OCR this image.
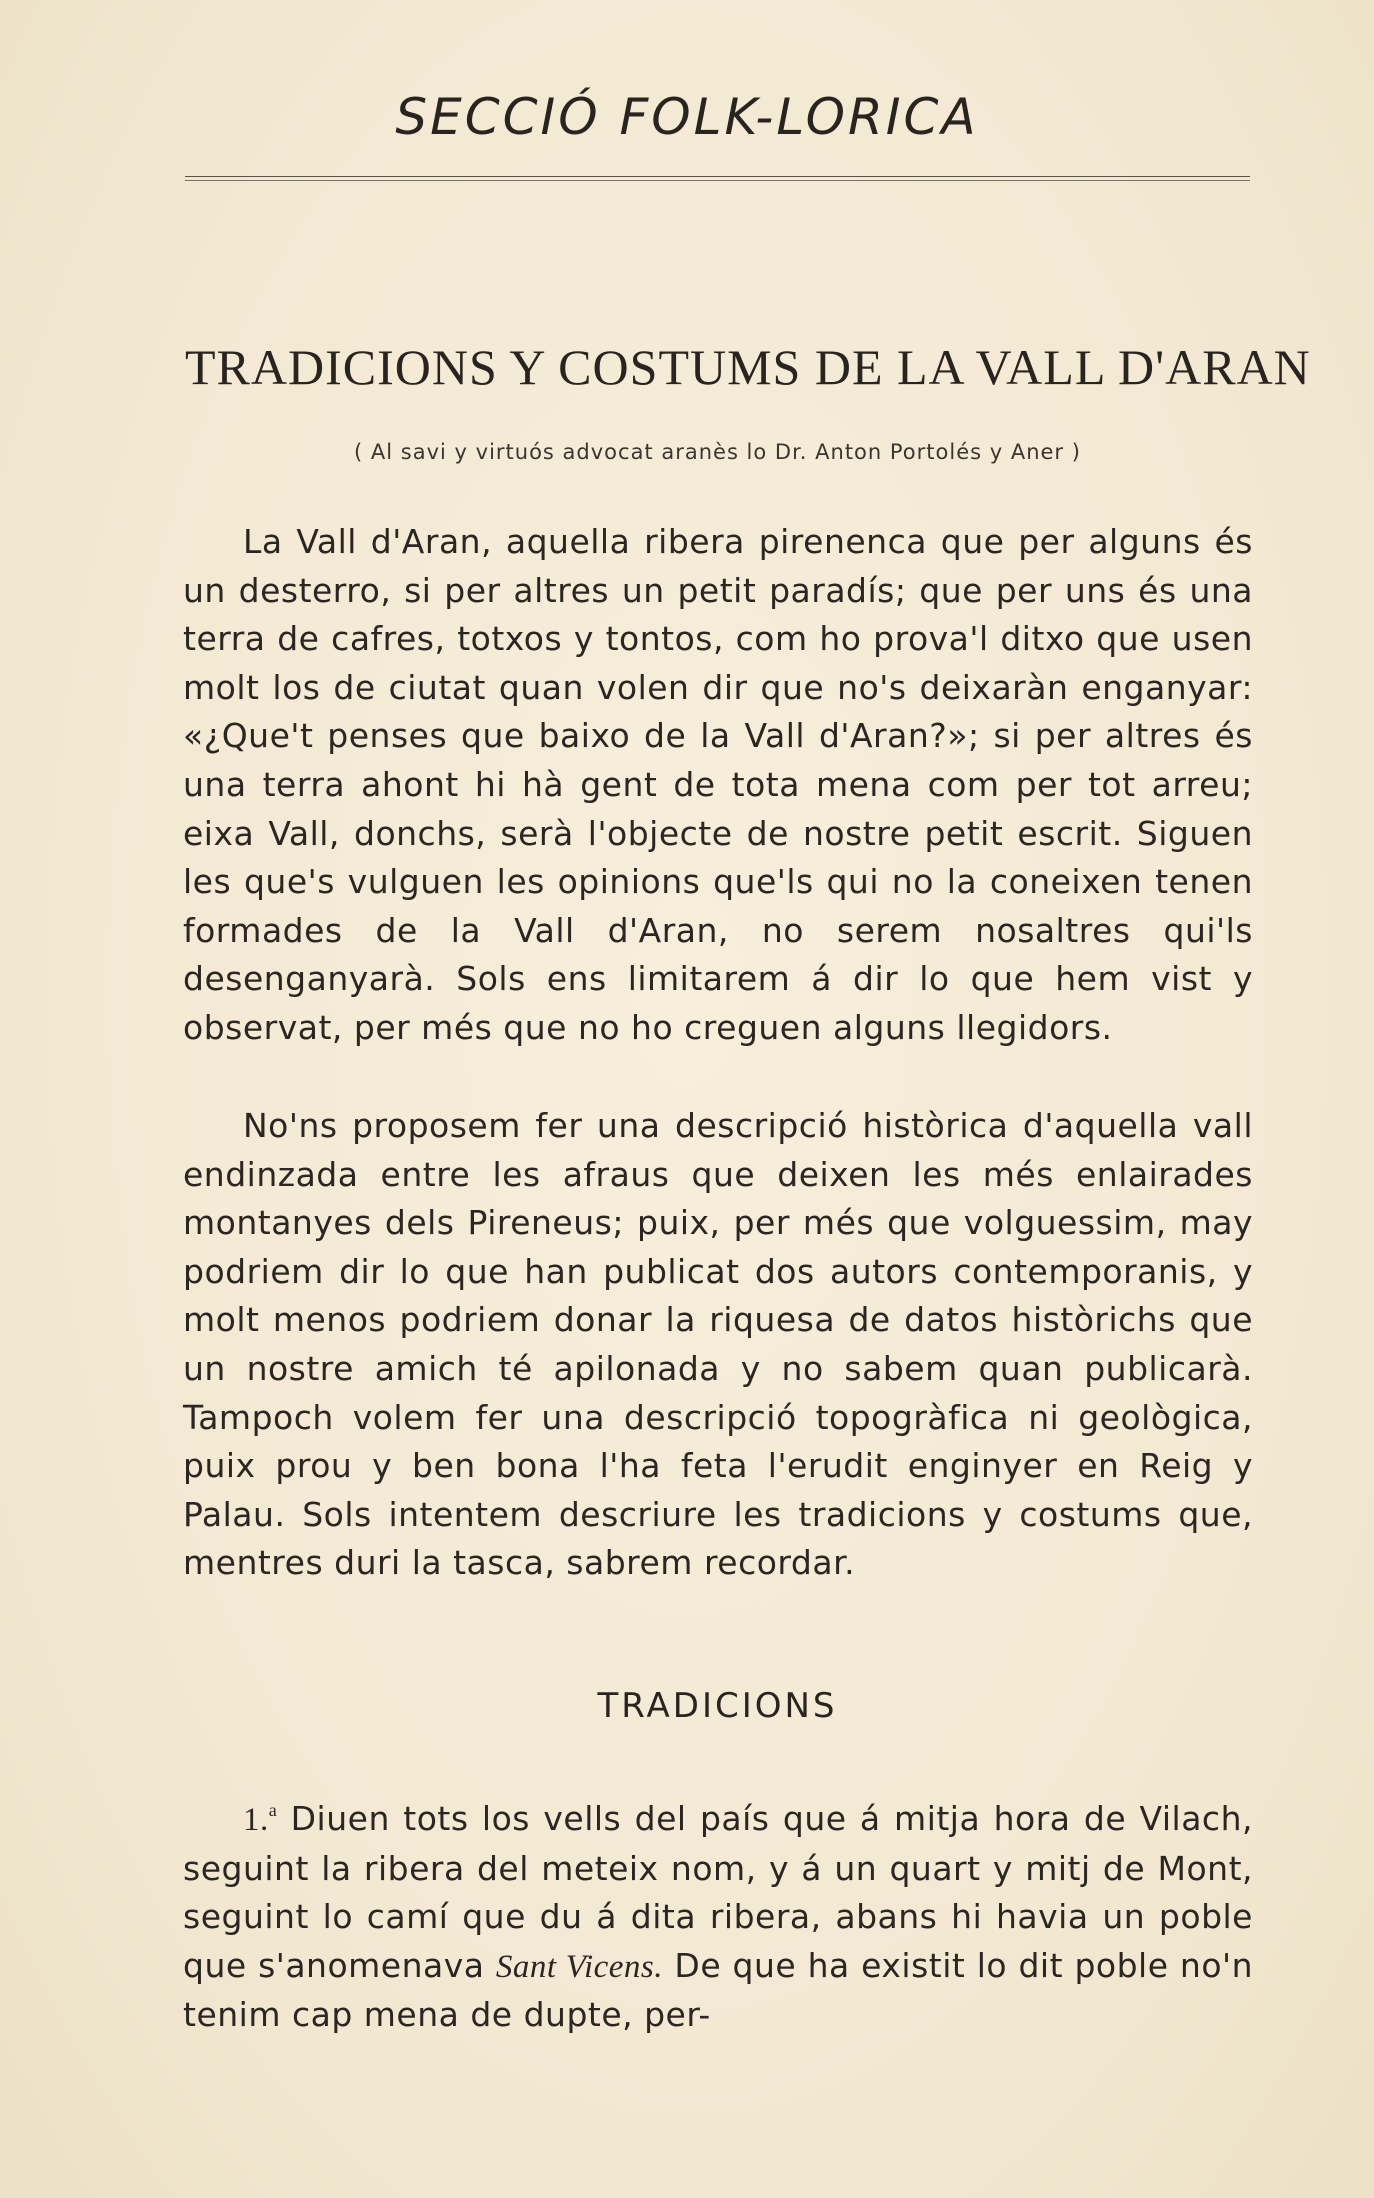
SECCIÓ FOLK-LORICA
TRADICIONS Y COSTUMS DE LA VALL D'ARAN
( Al savi y virtuós advocat aranès lo Dr. Anton Portolés y Aner )

La Vall d'Aran, aquella ribera pirenenca que per alguns és un desterro, si per altres un petit paradís; que per uns és una terra de cafres, totxos y tontos, com ho prova'l ditxo que usen molt los de ciutat quan volen dir que no's deixaràn enganyar: «¿Que't penses que baixo de la Vall d'Aran?»; si per altres és una terra ahont hi hà gent de tota mena com per tot arreu; eixa Vall, donchs, serà l'objecte de nostre petit escrit. Siguen les que's vulguen les opinions que'ls qui no la coneixen tenen formades de la Vall d'Aran, no serem nosaltres qui'ls desenganyarà. Sols ens limitarem á dir lo que hem vist y observat, per més que no ho creguen alguns llegidors.

No'ns proposem fer una descripció històrica d'aquella vall endinzada entre les afraus que deixen les més enlairades montanyes dels Pireneus; puix, per més que volguessim, may podriem dir lo que han publicat dos autors contemporanis, y molt menos podriem donar la riquesa de datos històrichs que un nostre amich té apilonada y no sabem quan publicarà. Tampoch volem fer una descripció topogràfica ni geològica, puix prou y ben bona l'ha feta l'erudit enginyer en Reig y Palau. Sols intentem descriure les tradicions y costums que, mentres duri la tasca, sabrem recordar.

TRADICIONS

1.$^a$ Diuen tots los vells del país que á mitja hora de Vilach, seguint la ribera del meteix nom, y á un quart y mitj de Mont, seguint lo camí que du á dita ribera, abans hi havia un poble que s'anomenava Sant Vicens. De que ha existit lo dit poble no'n tenim cap mena de dupte, per-
